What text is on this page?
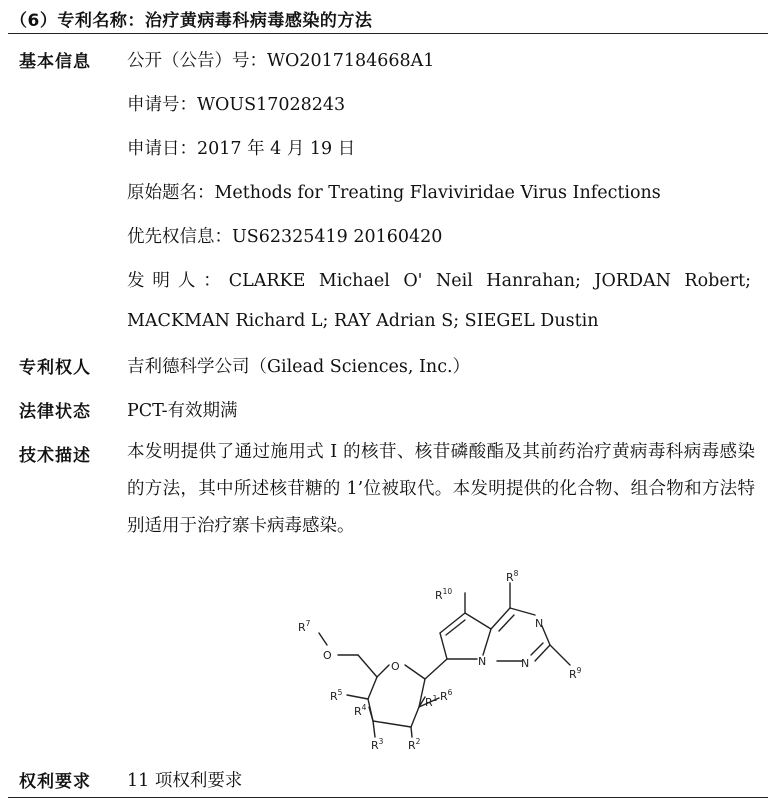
（6）专利名称：治疗黄病毒科病毒感染的方法
基本信息 公开（公告）号：WO2017184668A1
申请号：WOUS17028243
申请日：2017 年 4 月 19 日
原始题名：Methods for Treating Flaviviridae Virus Infections
优先权信息：US62325419 20160420
发明人：CLARKE Michael O' Neil Hanrahan; JORDAN Robert;
MACKMAN Richard L; RAY Adrian S; SIEGEL Dustin
专利权人 吉利德科学公司（Gilead Sciences, Inc.）
法律状态 PCT-有效期满
技术描述 本发明提供了通过施用式 I 的核苷、核苷磷酸酯及其前药治疗黄病毒科病毒感染的方法，其中所述核苷糖的 1’位被取代。本发明提供的化合物、组合物和方法特别适用于治疗寨卡病毒感染。
O
O	N
N
N
$R^7$
$R^{10}$
$R^8$
$R^9$
$R^5$	$R^6$
$R^4$	$R^1$
$R^3$ $R^2$
权利要求 11 项权利要求
